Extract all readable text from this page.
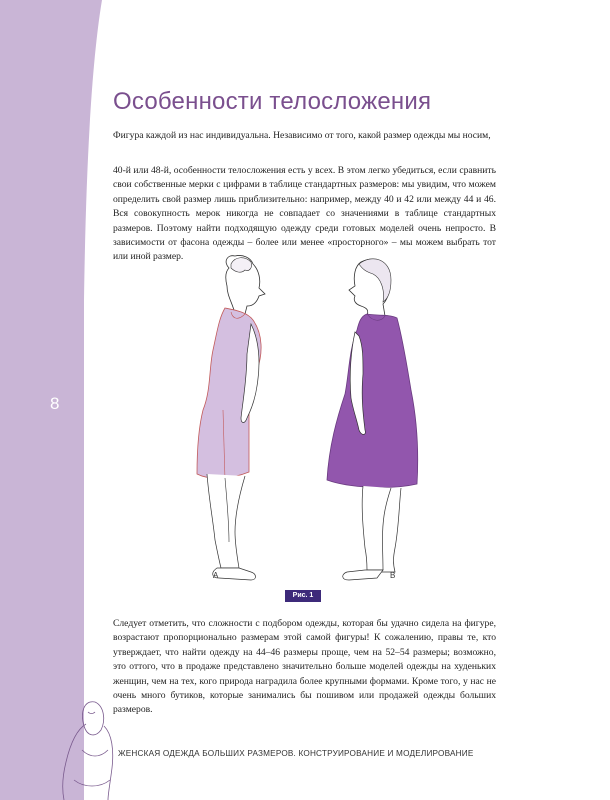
8
Особенности телосложения

Фигура каждой из нас индивидуальна. Независимо от того, какой размер одежды мы носим,

40-й или 48-й, особенности телосложения есть у всех. В этом легко убедиться, если сравнить свои собственные мерки с цифрами в таблице стандартных размеров: мы увидим, что можем определить свой размер лишь приблизительно: например, между 40 и 42 или между 44 и 46. Вся совокупность мерок никогда не совпадает со значениями в таблице стандартных размеров. Поэтому найти подходящую одежду среди готовых моделей очень непросто. В зависимости от фасона одежды – более или менее «просторного» – мы можем выбрать тот или иной размер.

А	В
Рис. 1

Следует отметить, что сложности с подбором одежды, которая бы удачно сидела на фигуре, возрастают пропорционально размерам этой самой фигуры! К сожалению, правы те, кто утверждает, что найти одежду на 44–46 размеры проще, чем на 52–54 размеры; возможно, это оттого, что в продаже представлено значительно больше моделей одежды на худеньких женщин, чем на тех, кого природа наградила более крупными формами. Кроме того, у нас не очень много бутиков, которые занимались бы пошивом или продажей одежды больших размеров.

ЖЕНСКАЯ ОДЕЖДА БОЛЬШИХ РАЗМЕРОВ. КОНСТРУИРОВАНИЕ И МОДЕЛИРОВАНИЕ
